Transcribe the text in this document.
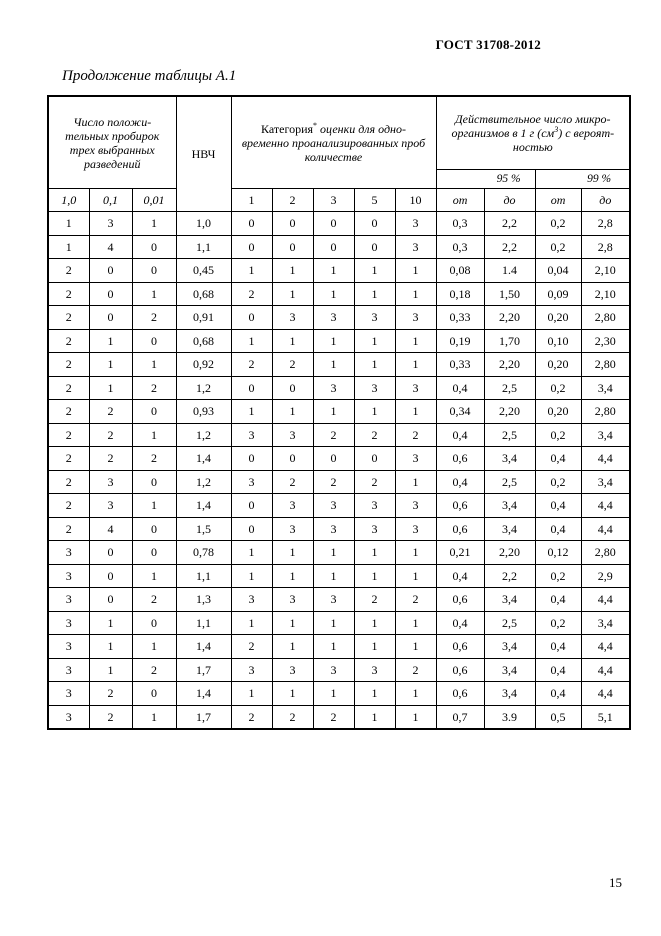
ГОСТ 31708-2012
Продолжение таблицы А.1
Число положи-тельных пробирок трех выбранных разведений			НВЧ	Категория* оценки для одно-временно проанализированных проб количестве					Действительное число микро-организмов в 1 г $(см^3)$ с вероят-ностью			
									95 %		99 %	
1,0	0,1	0,01		1	2	3	5	10	от	до	от	до
1	3	1	1,0	0	0	0	0	3	0,3	2,2	0,2	2,8
1	4	0	1,1	0	0	0	0	3	0,3	2,2	0,2	2,8
2	0	0	0,45	1	1	1	1	1	0,08	1.4	0,04	2,10
2	0	1	0,68	2	1	1	1	1	0,18	1,50	0,09	2,10
2	0	2	0,91	0	3	3	3	3	0,33	2,20	0,20	2,80
2	1	0	0,68	1	1	1	1	1	0,19	1,70	0,10	2,30
2	1	1	0,92	2	2	1	1	1	0,33	2,20	0,20	2,80
2	1	2	1,2	0	0	3	3	3	0,4	2,5	0,2	3,4
2	2	0	0,93	1	1	1	1	1	0,34	2,20	0,20	2,80
2	2	1	1,2	3	3	2	2	2	0,4	2,5	0,2	3,4
2	2	2	1,4	0	0	0	0	3	0,6	3,4	0,4	4,4
2	3	0	1,2	3	2	2	2	1	0,4	2,5	0,2	3,4
2	3	1	1,4	0	3	3	3	3	0,6	3,4	0,4	4,4
2	4	0	1,5	0	3	3	3	3	0,6	3,4	0,4	4,4
3	0	0	0,78	1	1	1	1	1	0,21	2,20	0,12	2,80
3	0	1	1,1	1	1	1	1	1	0,4	2,2	0,2	2,9
3	0	2	1,3	3	3	3	2	2	0,6	3,4	0,4	4,4
3	1	0	1,1	1	1	1	1	1	0,4	2,5	0,2	3,4
3	1	1	1,4	2	1	1	1	1	0,6	3,4	0,4	4,4
3	1	2	1,7	3	3	3	3	2	0,6	3,4	0,4	4,4
3	2	0	1,4	1	1	1	1	1	0,6	3,4	0,4	4,4
3	2	1	1,7	2	2	2	1	1	0,7	3.9	0,5	5,1
15
